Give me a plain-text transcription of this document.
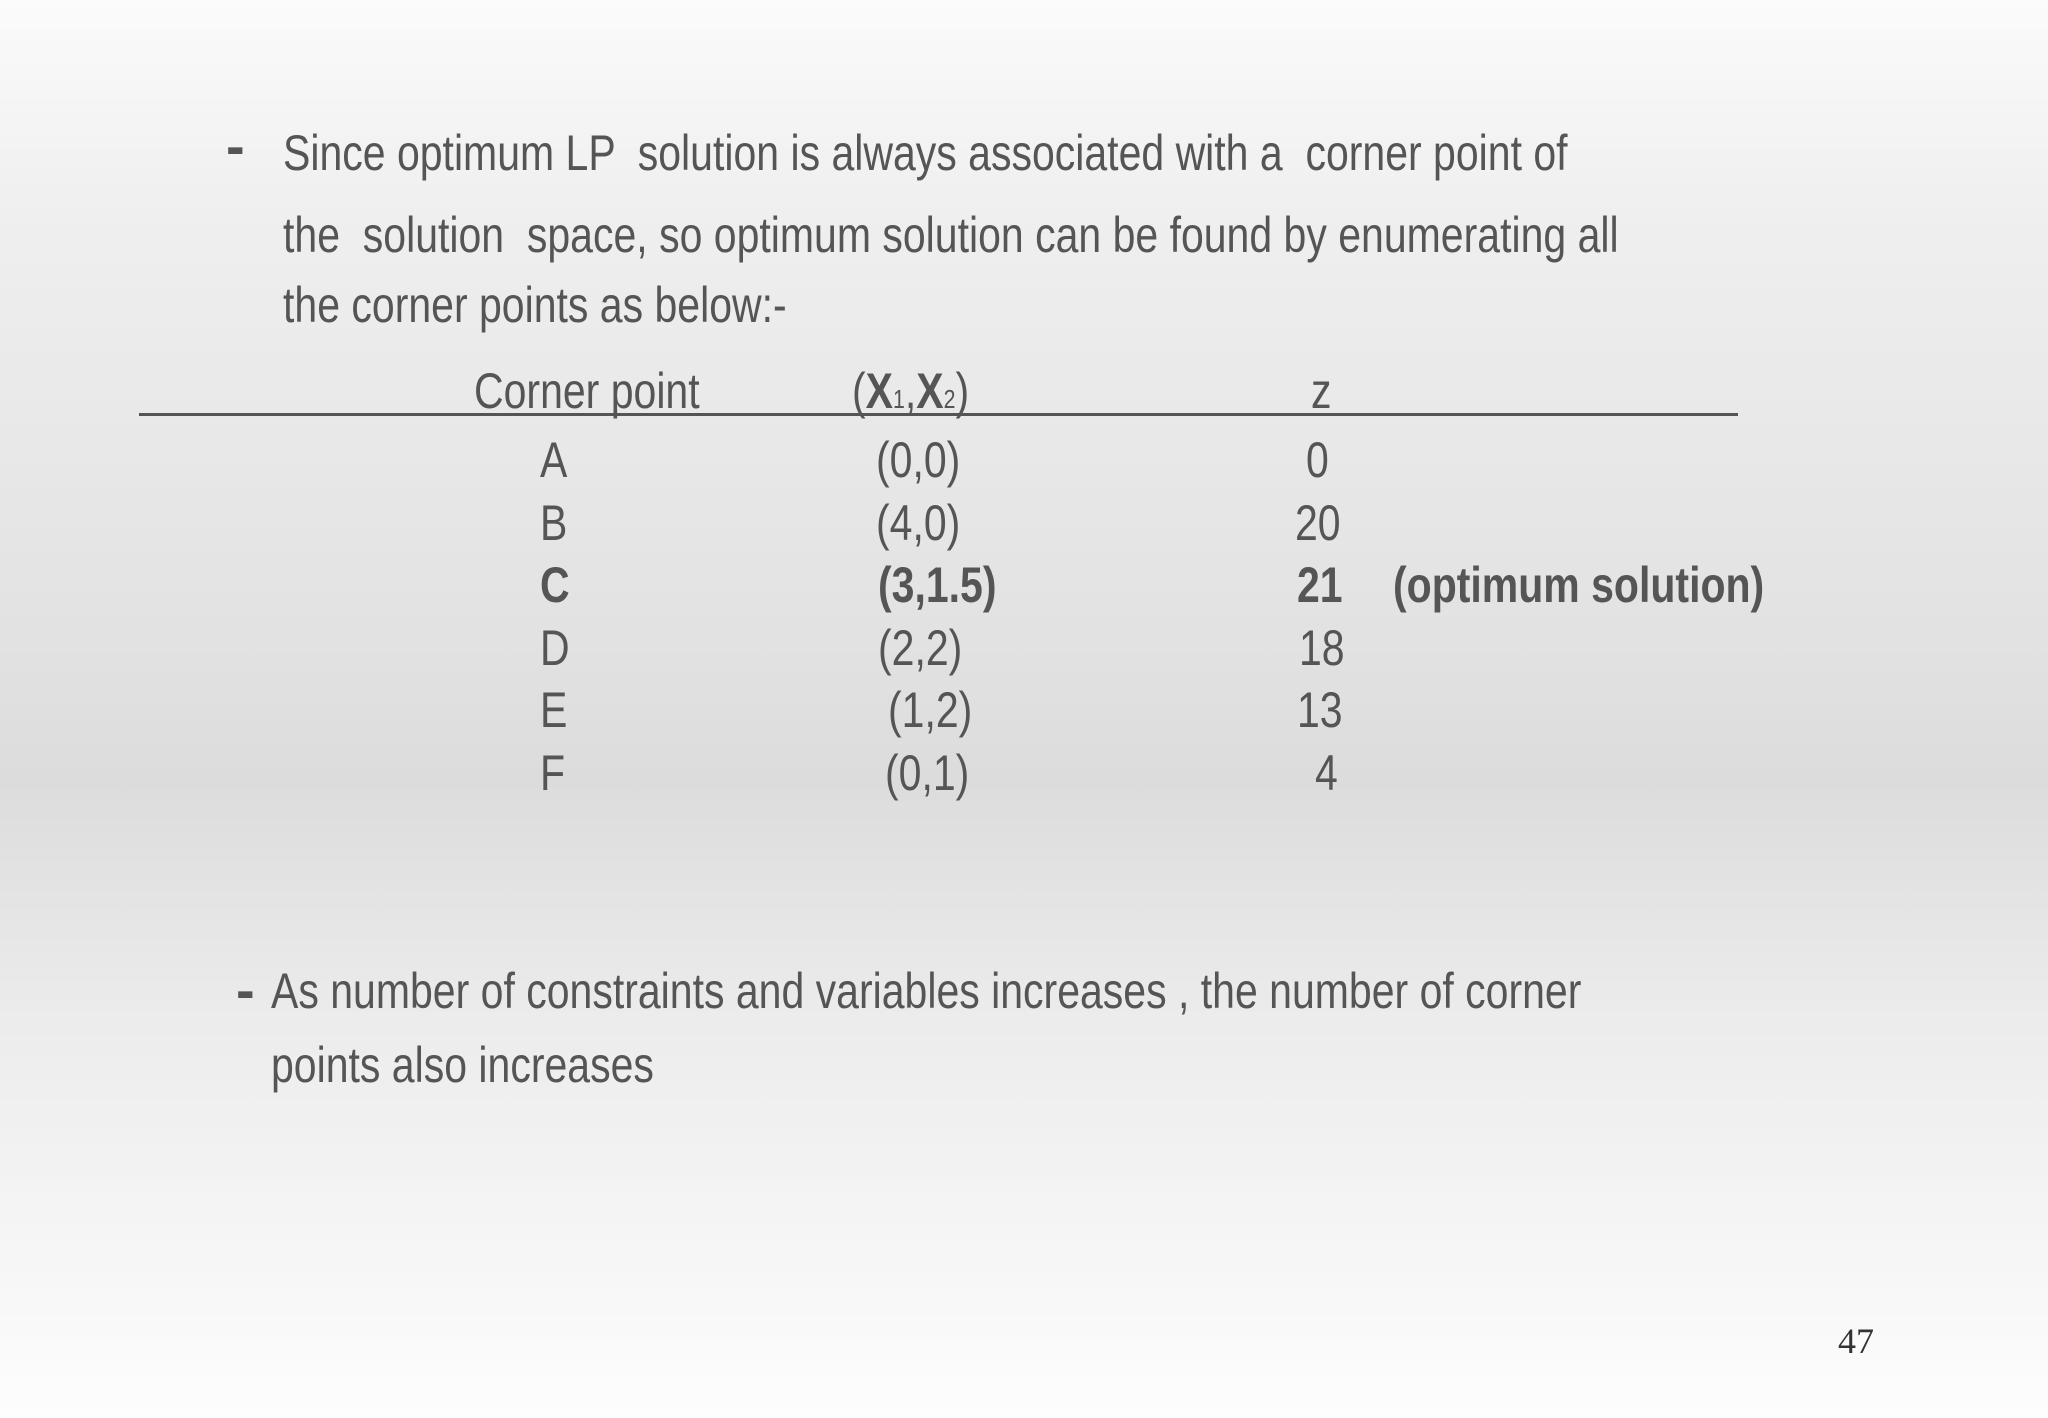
- Since optimum LP  solution is always associated with a  corner point of
the  solution  space, so optimum solution can be found by enumerating all
the corner points as below:-
Corner point	(X1,X2)	z
A	(0,0)	0
B	(4,0)	20
C	(3,1.5)	21 (optimum solution)
D	(2,2)	18
E	(1,2)	13
F	(0,1)	4
- As number of constraints and variables increases , the number of corner
points also increases
47
